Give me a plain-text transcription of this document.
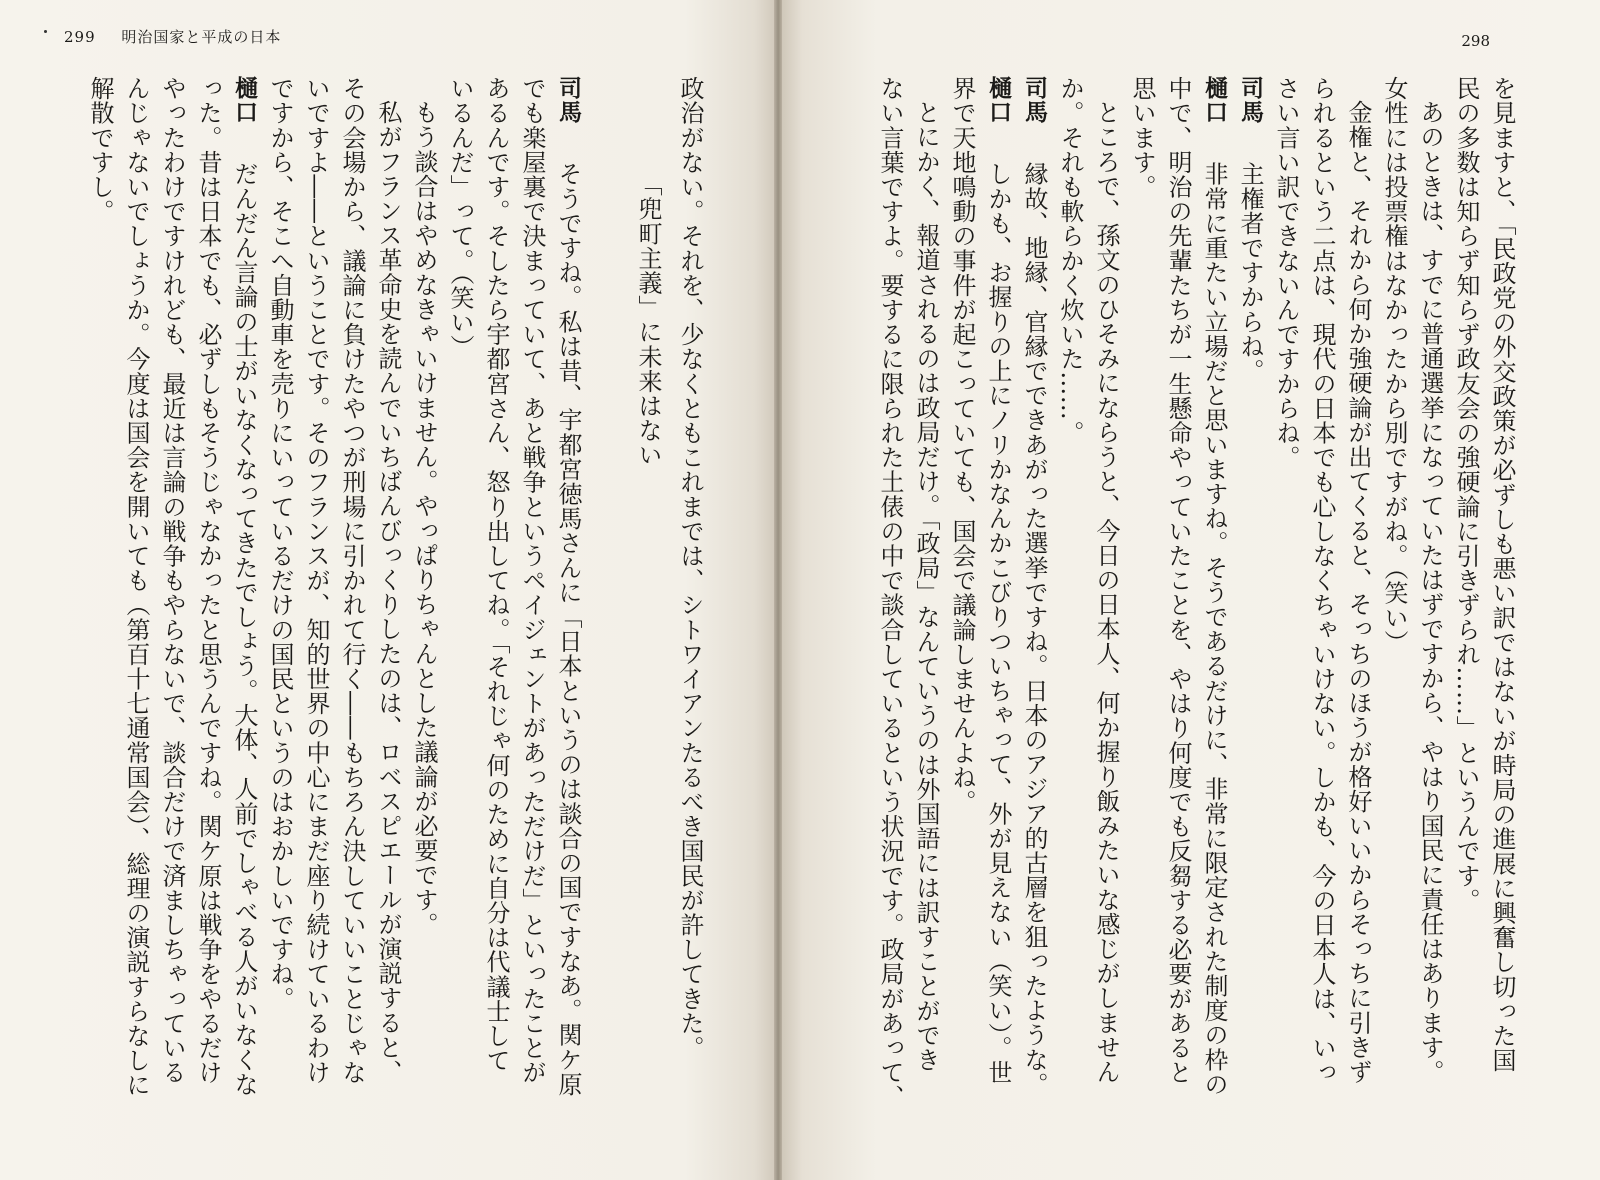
298
を見ますと、「民政党の外交政策が必ずしも悪い訳ではないが時局の進展に興奮し切った国
民の多数は知らず知らず政友会の強硬論に引きずられ……」というんです。
あのときは、すでに普通選挙になっていたはずですから、やはり国民に責任はあります。
女性には投票権はなかったから別ですがね。（笑い）
金権と、それから何か強硬論が出てくると、そっちのほうが格好いいからそっちに引きず
られるという二点は、現代の日本でも心しなくちゃいけない。しかも、今の日本人は、いっ
さい言い訳できないんですからね。
司馬　主権者ですからね。
樋口　非常に重たい立場だと思いますね。そうであるだけに、非常に限定された制度の枠の
中で、明治の先輩たちが一生懸命やっていたことを、やはり何度でも反芻する必要があると
思います。
ところで、孫文のひそみにならうと、今日の日本人、何か握り飯みたいな感じがしません
か。それも軟らかく炊いた……。
司馬　縁故、地縁、官縁でできあがった選挙ですね。日本のアジア的古層を狙ったような。
樋口　しかも、お握りの上にノリかなんかこびりついちゃって、外が見えない（笑い）。世
界で天地鳴動の事件が起こっていても、国会で議論しませんよね。
とにかく、報道されるのは政局だけ。「政局」なんていうのは外国語には訳すことができ
ない言葉ですよ。要するに限られた土俵の中で談合しているという状況です。政局があって、
299 明治国家と平成の日本
政治がない。それを、少なくともこれまでは、シトワイアンたるべき国民が許してきた。
「兜町主義」に未来はない
司馬　そうですね。私は昔、宇都宮徳馬さんに「日本というのは談合の国ですなあ。関ケ原
でも楽屋裏で決まっていて、あと戦争というペイジェントがあっただけだ」といったことが
あるんです。そしたら宇都宮さん、怒り出してね。「それじゃ何のために自分は代議士して
いるんだ」って。（笑い）
もう談合はやめなきゃいけません。やっぱりちゃんとした議論が必要です。
私がフランス革命史を読んでいちばんびっくりしたのは、ロベスピエールが演説すると、
その会場から、議論に負けたやつが刑場に引かれて行く――もちろん決していいことじゃな
いですよ――ということです。そのフランスが、知的世界の中心にまだ座り続けているわけ
ですから、そこへ自動車を売りにいっているだけの国民というのはおかしいですね。
樋口　だんだん言論の士がいなくなってきたでしょう。大体、人前でしゃべる人がいなくな
った。昔は日本でも、必ずしもそうじゃなかったと思うんですね。関ケ原は戦争をやるだけ
やったわけですけれども、最近は言論の戦争もやらないで、談合だけで済ましちゃっている
んじゃないでしょうか。今度は国会を開いても（第百十七通常国会）、総理の演説すらなしに
解散ですし。
